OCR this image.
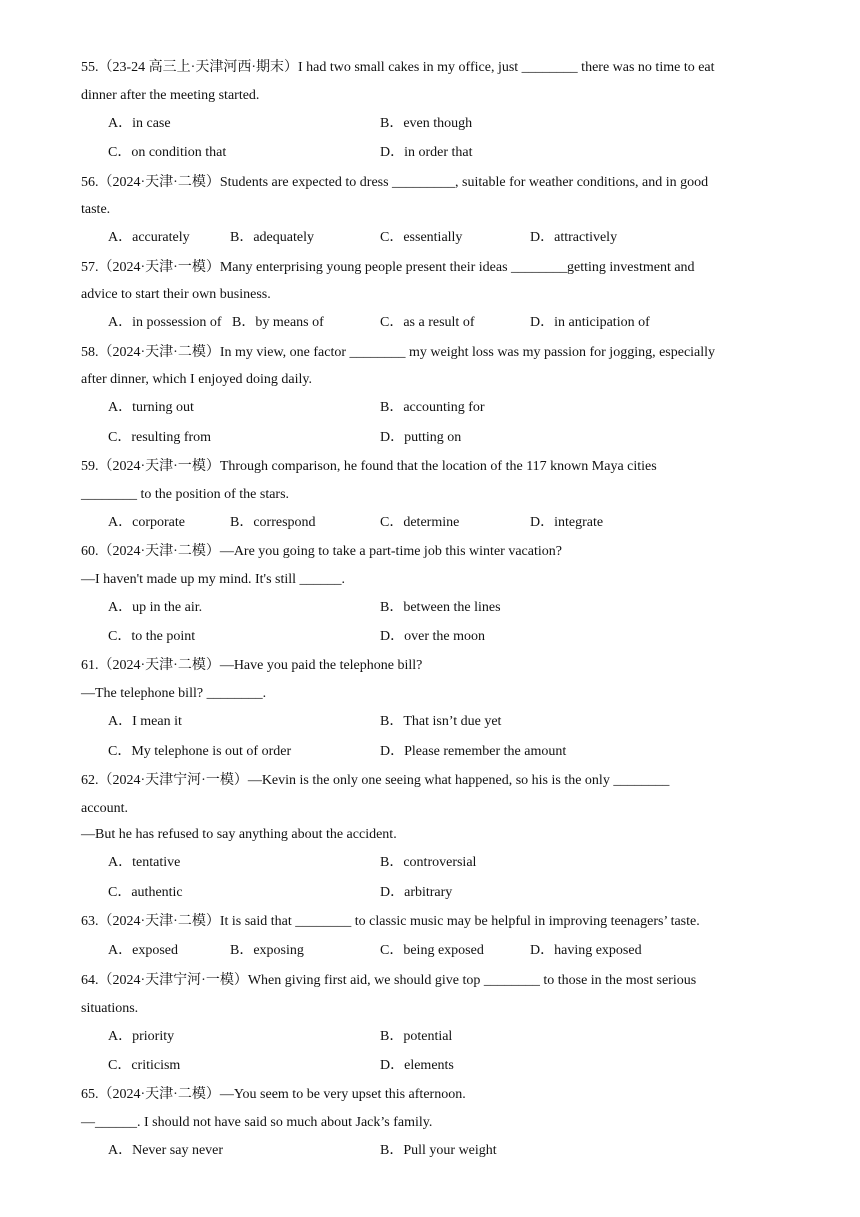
55.（23-24 高三上·天津河西·期末）I had two small cakes in my office, just ________ there was no time to eat
dinner after the meeting started.
A．in case	B．even though
C．on condition that	D．in order that
56.（2024·天津·二模）Students are expected to dress _________, suitable for weather conditions, and in good
taste.
A．accurately	B．adequately	C．essentially	D．attractively
57.（2024·天津·一模）Many enterprising young people present their ideas ________getting investment and
advice to start their own business.
A．in possession of B．by means of	C．as a result of	D．in anticipation of
58.（2024·天津·二模）In my view, one factor ________ my weight loss was my passion for jogging, especially
after dinner, which I enjoyed doing daily.
A．turning out	B．accounting for
C．resulting from	D．putting on
59.（2024·天津·一模）Through comparison, he found that the location of the 117 known Maya cities
________ to the position of the stars.
A．corporate	B．correspond	C．determine	D．integrate
60.（2024·天津·二模）—Are you going to take a part-time job this winter vacation?
—I haven't made up my mind. It's still ______.
A．up in the air.	B．between the lines
C．to the point	D．over the moon
61.（2024·天津·二模）—Have you paid the telephone bill?
—The telephone bill? ________.
A．I mean it	B．That isn’t due yet
C．My telephone is out of order	D．Please remember the amount
62.（2024·天津宁河·一模）—Kevin is the only one seeing what happened, so his is the only ________
account.
—But he has refused to say anything about the accident.
A．tentative	B．controversial
C．authentic	D．arbitrary
63.（2024·天津·二模）It is said that ________ to classic music may be helpful in improving teenagers’ taste.
A．exposed	B．exposing	C．being exposed	D．having exposed
64.（2024·天津宁河·一模）When giving first aid, we should give top ________ to those in the most serious
situations.
A．priority	B．potential
C．criticism	D．elements
65.（2024·天津·二模）—You seem to be very upset this afternoon.
—______. I should not have said so much about Jack’s family.
A．Never say never	B．Pull your weight
